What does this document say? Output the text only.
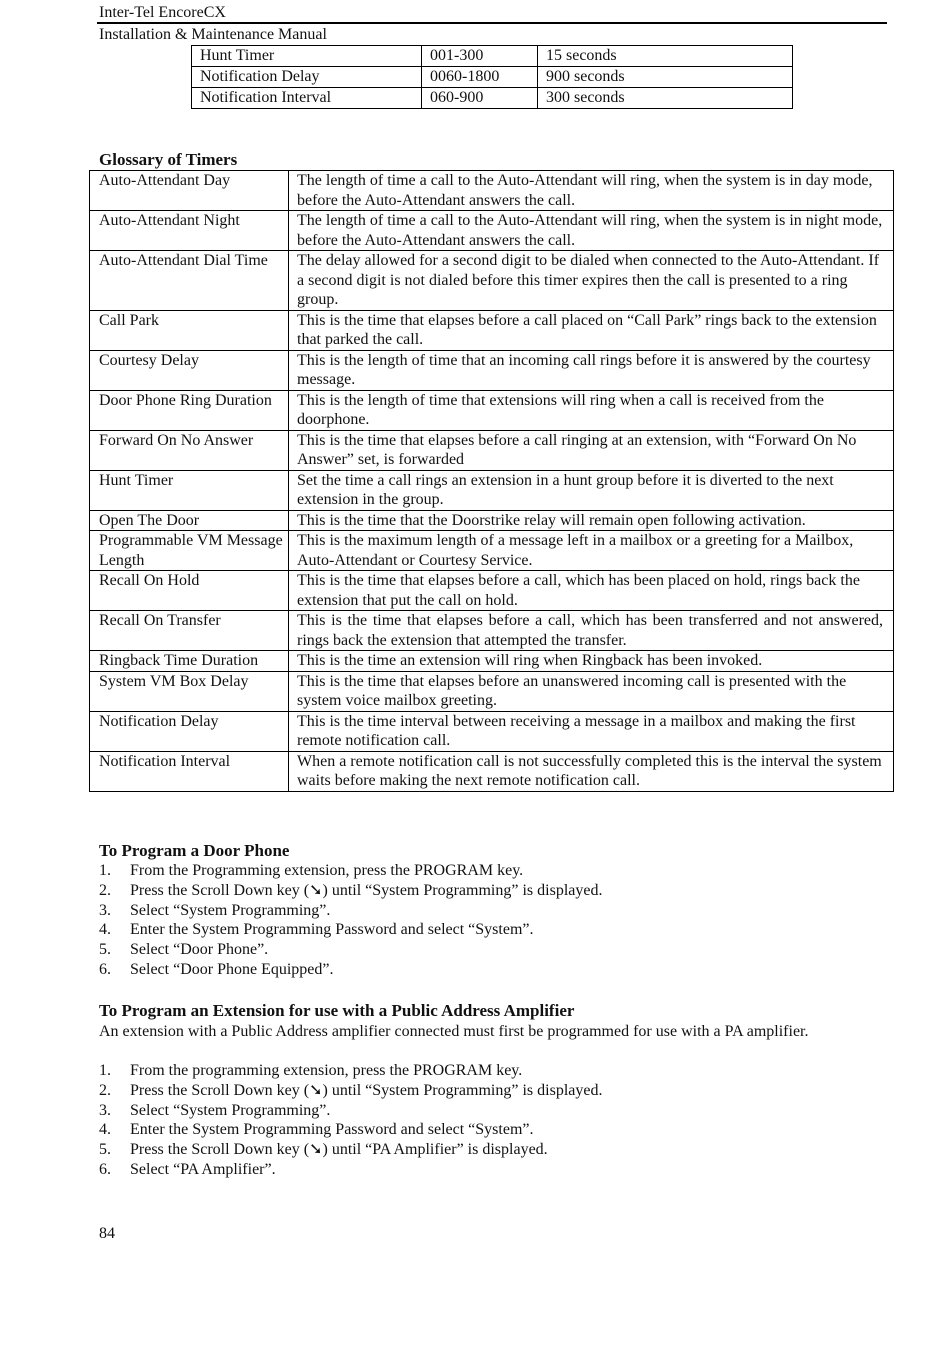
Inter-Tel EncoreCX
Installation & Maintenance Manual
Hunt Timer	001-300	15 seconds
Notification Delay	0060-1800	900 seconds
Notification Interval	060-900	300 seconds
Glossary of Timers
Auto-Attendant Day	The length of time a call to the Auto-Attendant will ring, when the system is in day mode, before the Auto-Attendant answers the call.
Auto-Attendant Night	The length of time a call to the Auto-Attendant will ring, when the system is in night mode, before the Auto-Attendant answers the call.
Auto-Attendant Dial Time	The delay allowed for a second digit to be dialed when connected to the Auto-Attendant. If a second digit is not dialed before this timer expires then the call is presented to a ring group.
Call Park	This is the time that elapses before a call placed on “Call Park” rings back to the extension that parked the call.
Courtesy Delay	This is the length of time that an incoming call rings before it is answered by the courtesy message.
Door Phone Ring Duration	This is the length of time that extensions will ring when a call is received from the doorphone.
Forward On No Answer	This is the time that elapses before a call ringing at an extension, with “Forward On No Answer” set, is forwarded
Hunt Timer	Set the time a call rings an extension in a hunt group before it is diverted to the next extension in the group.
Open The Door	This is the time that the Doorstrike relay will remain open following activation.
Programmable VM Message Length	This is the maximum length of a message left in a mailbox or a greeting for a Mailbox, Auto-Attendant or Courtesy Service.
Recall On Hold	This is the time that elapses before a call, which has been placed on hold, rings back the extension that put the call on hold.
Recall On Transfer	This is the time that elapses before a call, which has been transferred and not answered, rings back the extension that attempted the transfer.
Ringback Time Duration	This is the time an extension will ring when Ringback has been invoked.
System VM Box Delay	This is the time that elapses before an unanswered incoming call is presented with the system voice mailbox greeting.
Notification Delay	This is the time interval between receiving a message in a mailbox and making the first remote notification call.
Notification Interval	When a remote notification call is not successfully completed this is the interval the system waits before making the next remote notification call.
To Program a Door Phone
1.	From the Programming extension, press the PROGRAM key.
2.	Press the Scroll Down key (➘) until “System Programming” is displayed.
3.	Select “System Programming”.
4.	Enter the System Programming Password and select “System”.
5.	Select “Door Phone”.
6.	Select “Door Phone Equipped”.
To Program an Extension for use with a Public Address Amplifier
An extension with a Public Address amplifier connected must first be programmed for use with a PA amplifier.
1.	From the programming extension, press the PROGRAM key.
2.	Press the Scroll Down key (➘) until “System Programming” is displayed.
3.	Select “System Programming”.
4.	Enter the System Programming Password and select “System”.
5.	Press the Scroll Down key (➘) until “PA Amplifier” is displayed.
6.	Select “PA Amplifier”.
84
